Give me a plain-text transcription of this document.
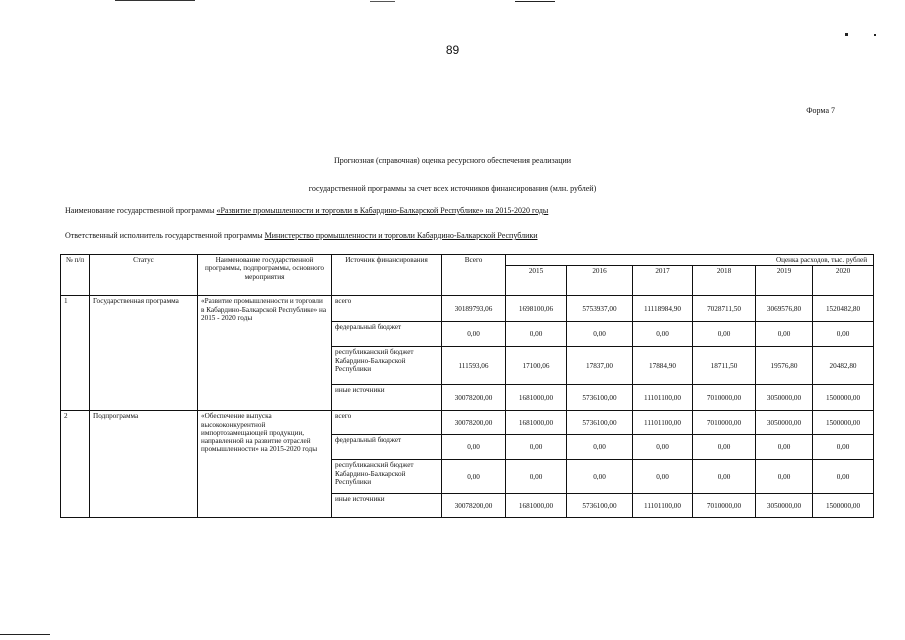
89
Форма 7
Прогнозная (справочная) оценка ресурсного обеспечения реализации
государственной программы за счет всех источников финансирования (млн. рублей)
Наименование государственной программы «Развитие промышленности и торговли в Кабардино-Балкарской Республике» на 2015-2020 годы
Ответственный исполнитель государственной программы Министерство промышленности и торговли Кабардино-Балкарской Республики
№ п/п	Статус	Наименование государственной программы, подпрограммы, основного мероприятия	Источник финансирования	Всего	Оценка расходов, тыс. рублей					
					2015	2016	2017	2018	2019	2020
1	Государственная программа	«Развитие промышленности и торговли в Кабардино-Балкарской Республике» на 2015 - 2020 годы	всего	30189793,06	1698100,06	5753937,00	11118984,90	7028711,50	3069576,80	1520482,80
			федеральный бюджет	0,00	0,00	0,00	0,00	0,00	0,00	0,00
			республиканский бюджет Кабардино-Балкарской Республики	111593,06	17100,06	17837,00	17884,90	18711,50	19576,80	20482,80
			иные источники	30078200,00	1681000,00	5736100,00	11101100,00	7010000,00	3050000,00	1500000,00
2	Подпрограмма	«Обеспечение выпуска высококонкурентной импортозамещающей продукции, направленной на развитие отраслей промышленности» на 2015-2020 годы	всего	30078200,00	1681000,00	5736100,00	11101100,00	7010000,00	3050000,00	1500000,00
			федеральный бюджет	0,00	0,00	0,00	0,00	0,00	0,00	0,00
			республиканский бюджет Кабардино-Балкарской Республики	0,00	0,00	0,00	0,00	0,00	0,00	0,00
			иные источники	30078200,00	1681000,00	5736100,00	11101100,00	7010000,00	3050000,00	1500000,00
